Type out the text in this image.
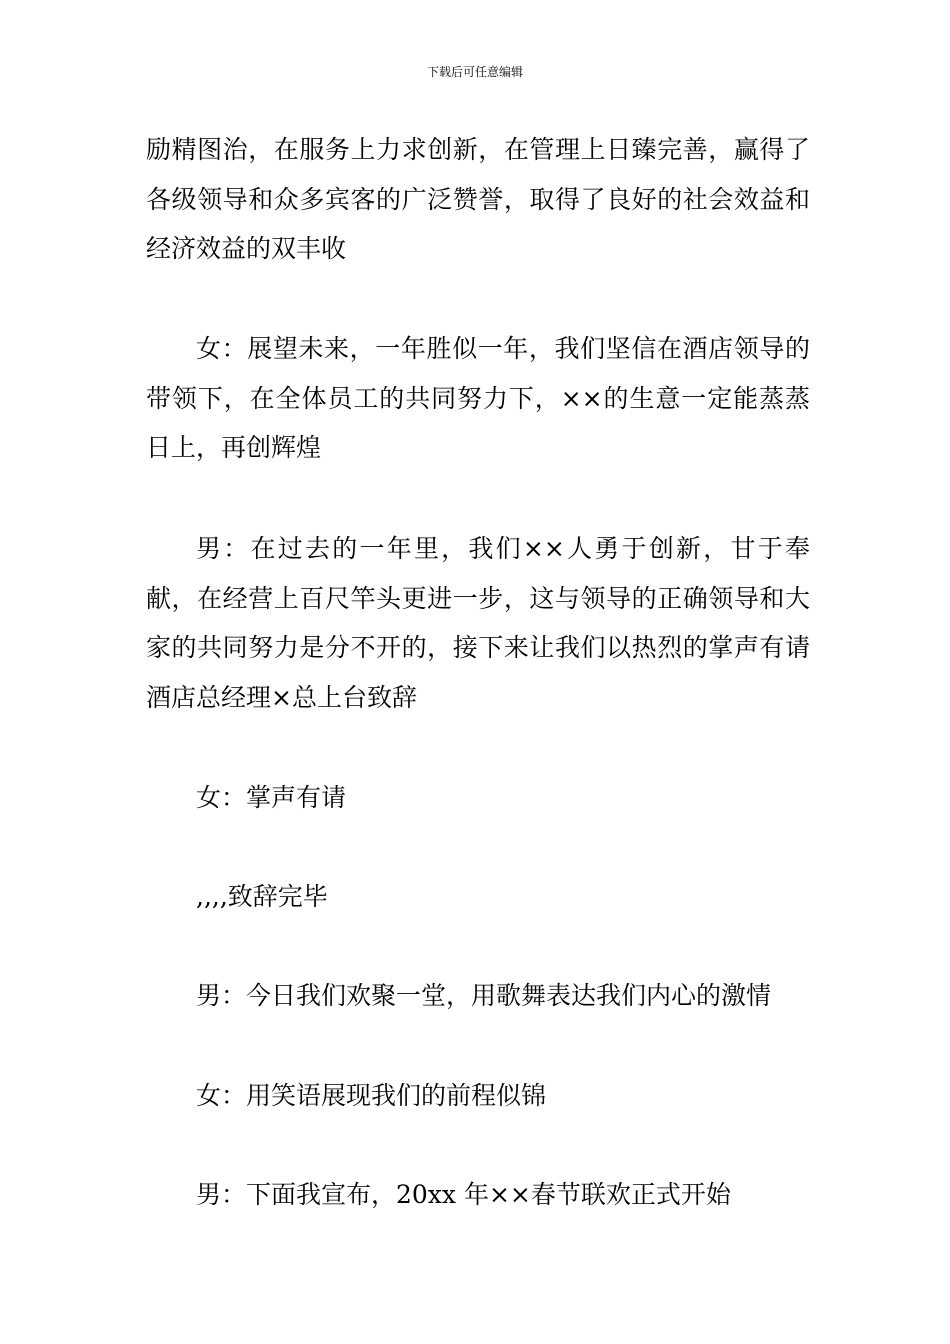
下载后可任意编辑

励精图治，在服务上力求创新，在管理上日臻完善，赢得了各级领导和众多宾客的广泛赞誉，取得了良好的社会效益和经济效益的双丰收

女：展望未来，一年胜似一年，我们坚信在酒店领导的带领下，在全体员工的共同努力下，××的生意一定能蒸蒸日上，再创辉煌

男：在过去的一年里，我们××人勇于创新，甘于奉献，在经营上百尺竿头更进一步，这与领导的正确领导和大家的共同努力是分不开的，接下来让我们以热烈的掌声有请酒店总经理×总上台致辞

女：掌声有请

,,,,致辞完毕

男：今日我们欢聚一堂，用歌舞表达我们内心的激情

女：用笑语展现我们的前程似锦

男：下面我宣布，20xx 年××春节联欢正式开始
